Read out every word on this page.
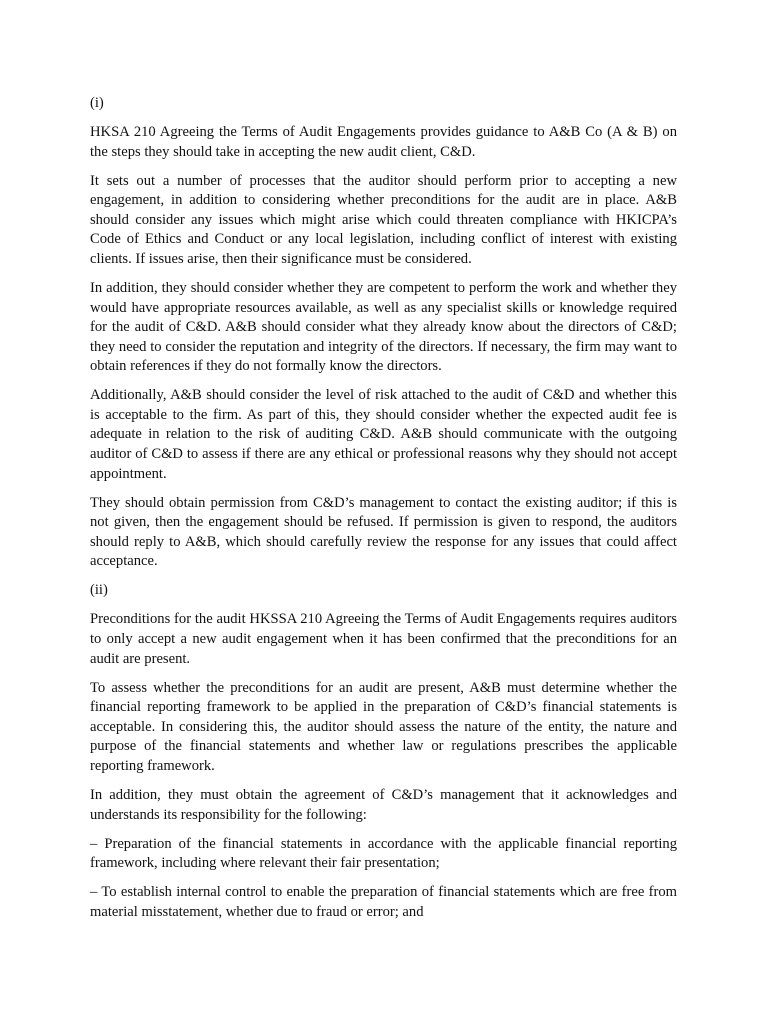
(i)

HKSA 210 Agreeing the Terms of Audit Engagements provides guidance to A&B Co (A & B) on the steps they should take in accepting the new audit client, C&D.

It sets out a number of processes that the auditor should perform prior to accepting a new engagement, in addition to considering whether preconditions for the audit are in place. A&B should consider any issues which might arise which could threaten compliance with HKICPA’s Code of Ethics and Conduct or any local legislation, including conflict of interest with existing clients. If issues arise, then their significance must be considered.

In addition, they should consider whether they are competent to perform the work and whether they would have appropriate resources available, as well as any specialist skills or knowledge required for the audit of C&D. A&B should consider what they already know about the directors of C&D; they need to consider the reputation and integrity of the directors. If necessary, the firm may want to obtain references if they do not formally know the directors.

Additionally, A&B should consider the level of risk attached to the audit of C&D and whether this is acceptable to the firm. As part of this, they should consider whether the expected audit fee is adequate in relation to the risk of auditing C&D. A&B should communicate with the outgoing auditor of C&D to assess if there are any ethical or professional reasons why they should not accept appointment.

They should obtain permission from C&D’s management to contact the existing auditor; if this is not given, then the engagement should be refused. If permission is given to respond, the auditors should reply to A&B, which should carefully review the response for any issues that could affect acceptance.

(ii)

Preconditions for the audit HKSSA 210 Agreeing the Terms of Audit Engagements requires auditors to only accept a new audit engagement when it has been confirmed that the preconditions for an audit are present.

To assess whether the preconditions for an audit are present, A&B must determine whether the financial reporting framework to be applied in the preparation of C&D’s financial statements is acceptable. In considering this, the auditor should assess the nature of the entity, the nature and purpose of the financial statements and whether law or regulations prescribes the applicable reporting framework.

In addition, they must obtain the agreement of C&D’s management that it acknowledges and understands its responsibility for the following:

– Preparation of the financial statements in accordance with the applicable financial reporting framework, including where relevant their fair presentation;

– To establish internal control to enable the preparation of financial statements which are free from material misstatement, whether due to fraud or error; and
